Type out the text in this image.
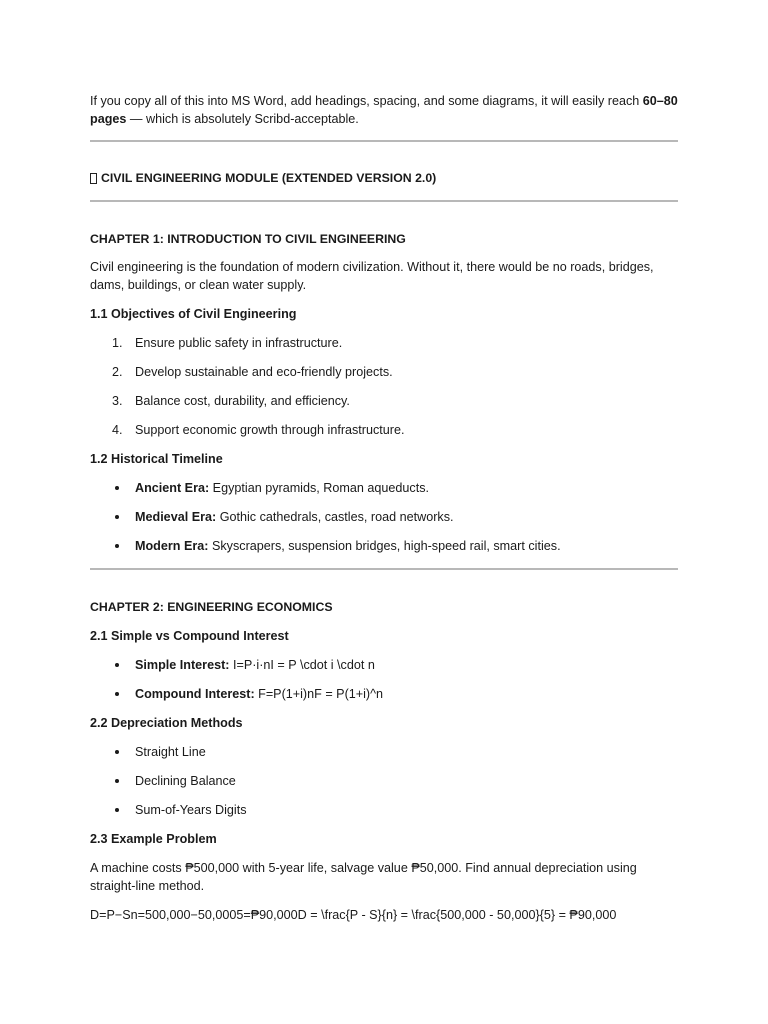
If you copy all of this into MS Word, add headings, spacing, and some diagrams, it will easily reach 60–80 pages — which is absolutely Scribd-acceptable.

CIVIL ENGINEERING MODULE (EXTENDED VERSION 2.0)
CHAPTER 1: INTRODUCTION TO CIVIL ENGINEERING

Civil engineering is the foundation of modern civilization. Without it, there would be no roads, bridges, dams, buildings, or clean water supply.

1.1 Objectives of Civil Engineering
1. Ensure public safety in infrastructure.
2. Develop sustainable and eco-friendly projects.
3. Balance cost, durability, and efficiency.
4. Support economic growth through infrastructure.
1.2 Historical Timeline
Ancient Era: Egyptian pyramids, Roman aqueducts.
Medieval Era: Gothic cathedrals, castles, road networks.
Modern Era: Skyscrapers, suspension bridges, high-speed rail, smart cities.
CHAPTER 2: ENGINEERING ECONOMICS
2.1 Simple vs Compound Interest
Simple Interest: I=P·i·nI = P \cdot i \cdot n
Compound Interest: F=P(1+i)nF = P(1+i)^n
2.2 Depreciation Methods
Straight Line
Declining Balance
Sum-of-Years Digits
2.3 Example Problem

A machine costs ₱500,000 with 5-year life, salvage value ₱50,000. Find annual depreciation using straight-line method.

D=P−Sn=500,000−50,0005=₱90,000D = \frac{P - S}{n} = \frac{500,000 - 50,000}{5} = ₱90,000
